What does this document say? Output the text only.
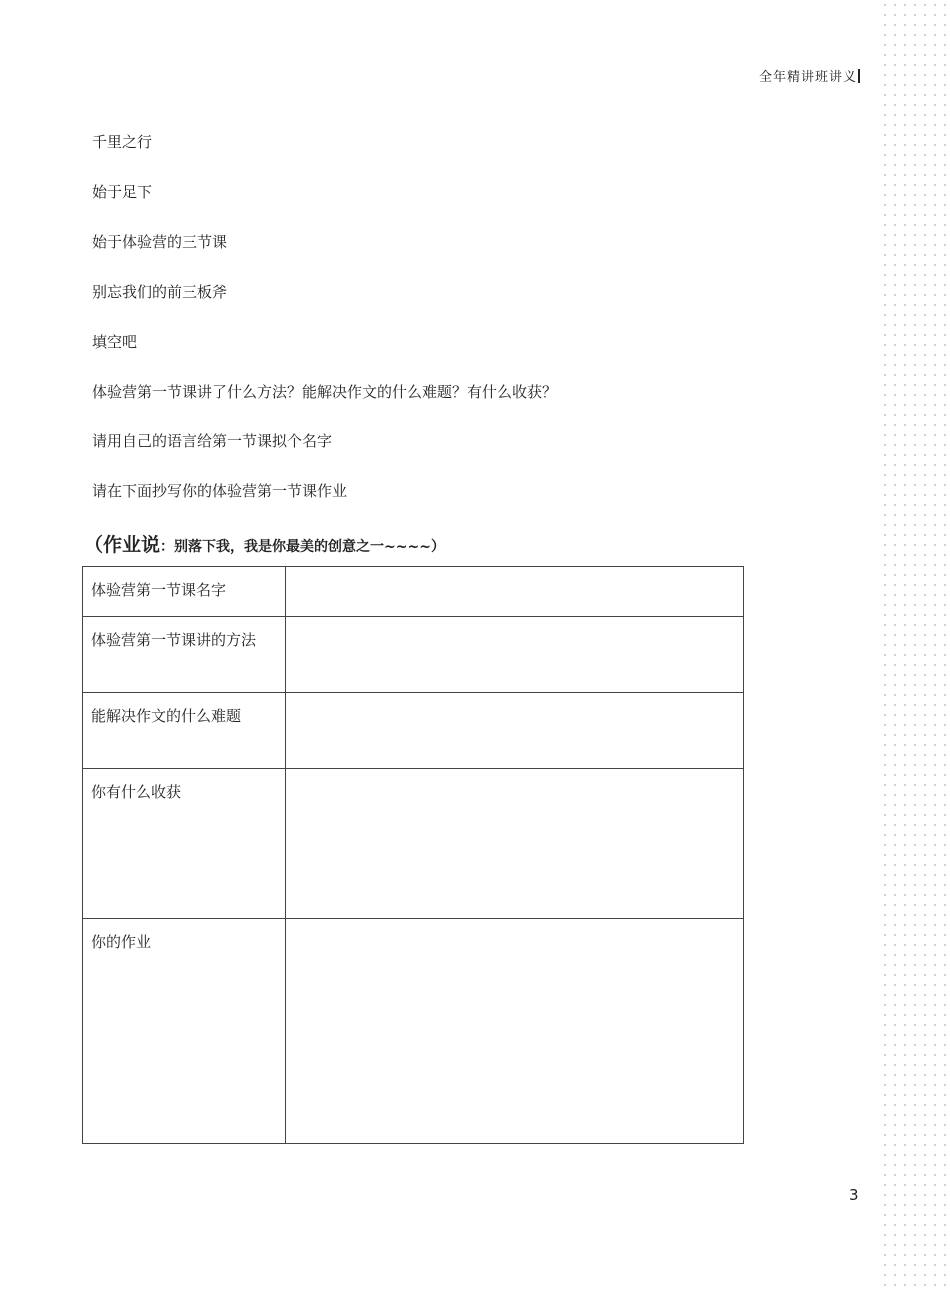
全年精讲班讲义
千里之行
始于足下
始于体验营的三节课
别忘我们的前三板斧
填空吧
体验营第一节课讲了什么方法？能解决作文的什么难题？有什么收获？
请用自己的语言给第一节课拟个名字
请在下面抄写你的体验营第一节课作业
（作业说：别落下我，我是你最美的创意之一~~~~）
体验营第一节课名字	
体验营第一节课讲的方法	
能解决作文的什么难题	
你有什么收获	
你的作业	
3
